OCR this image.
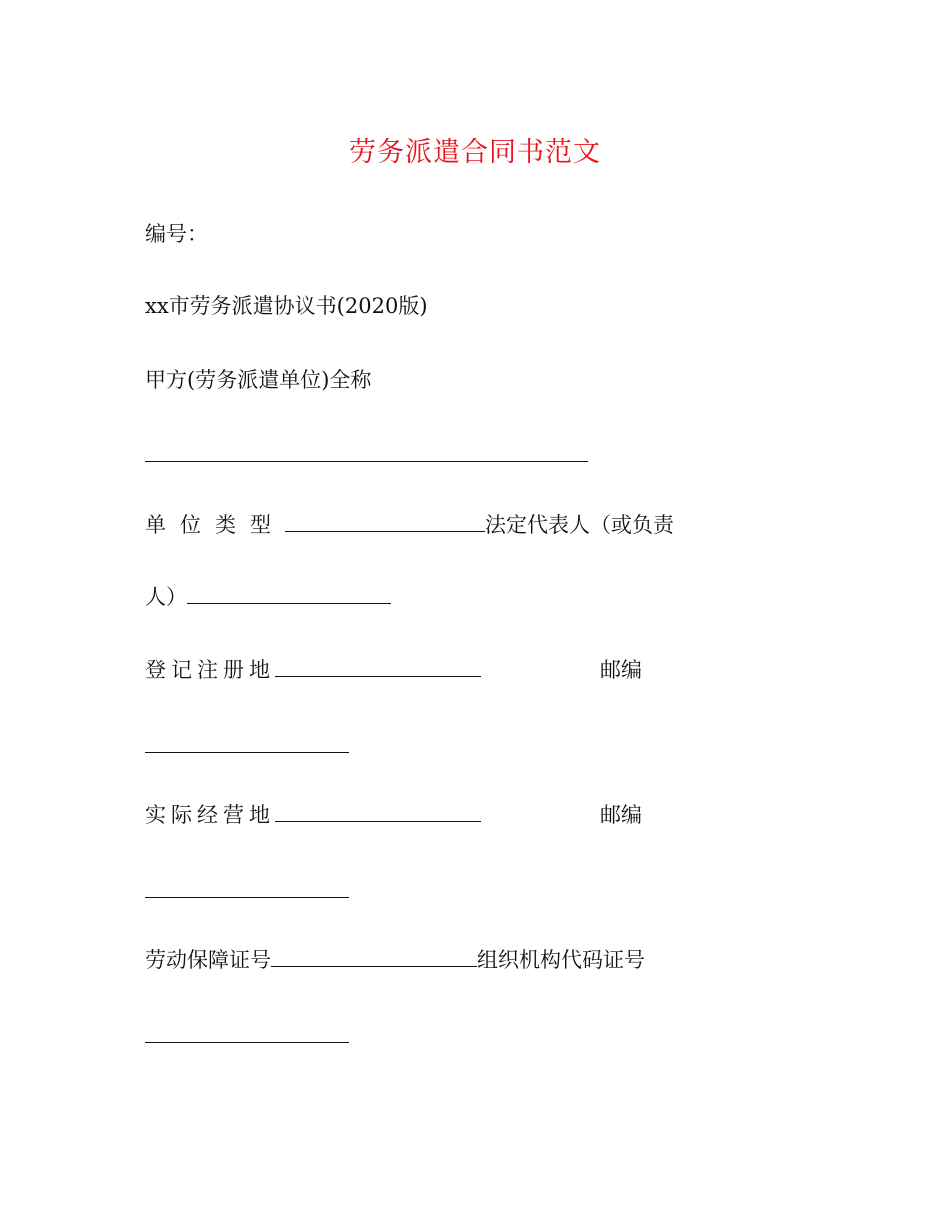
劳务派遣合同书范文
编号：
xx市劳务派遣协议书(2020版)
甲方(劳务派遣单位)全称
单位类型	法定代表人（或负责
人）
登记注册地	邮编
实际经营地	邮编
劳动保障证号	组织机构代码证号
